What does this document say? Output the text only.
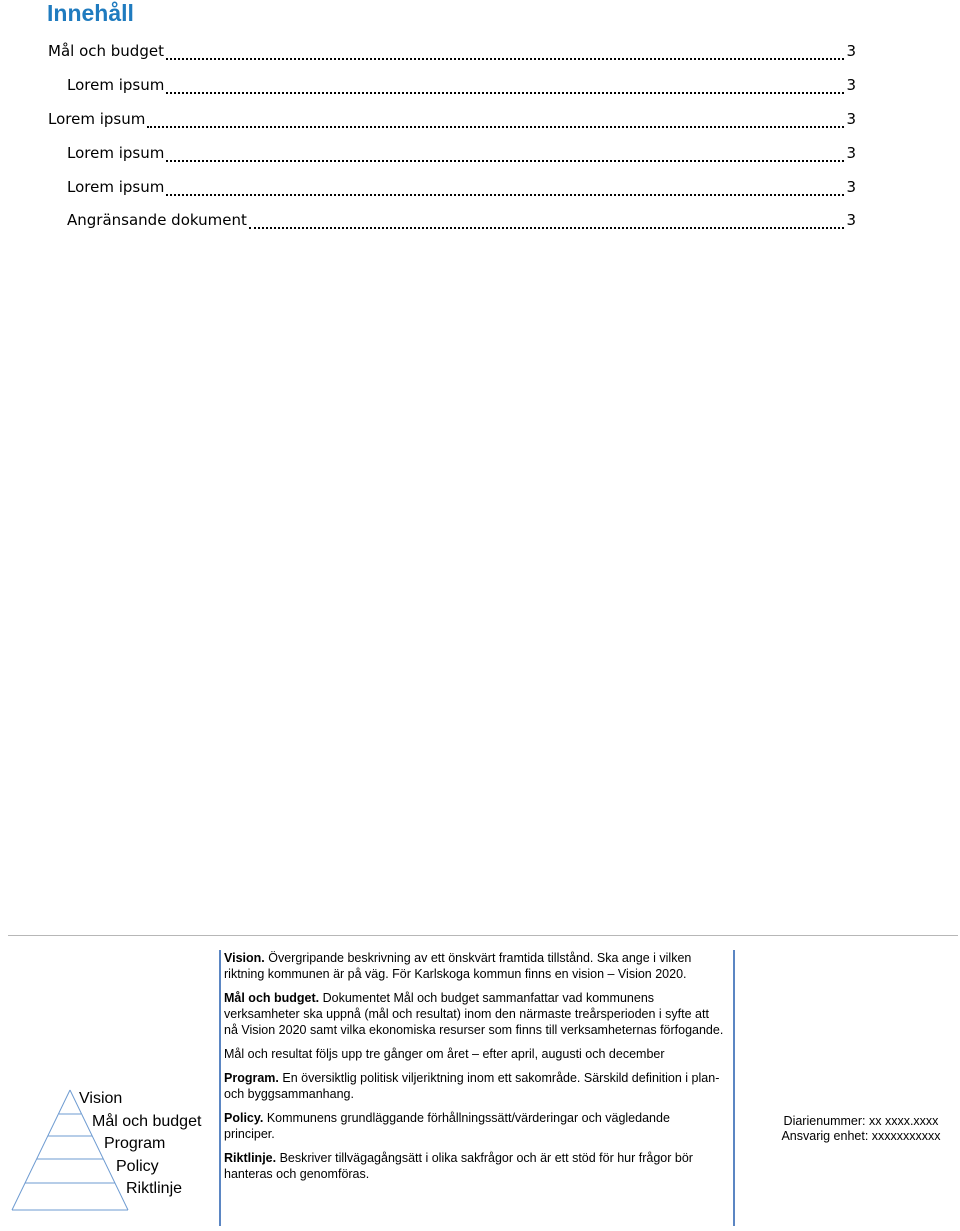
Innehåll
Mål och budget	3
Lorem ipsum	3
Lorem ipsum	3
Lorem ipsum	3
Lorem ipsum	3
Angränsande dokument	3
Vision
Mål och budget
Program
Policy
Riktlinje

Vision. Övergripande beskrivning av ett önskvärt framtida tillstånd. Ska ange i vilken riktning kommunen är på väg. För Karlskoga kommun finns en vision – Vision 2020.

Mål och budget. Dokumentet Mål och budget sammanfattar vad kommunens verksamheter ska uppnå (mål och resultat) inom den närmaste treårsperioden i syfte att nå Vision 2020 samt vilka ekonomiska resurser som finns till verksamheternas förfogande.

Mål och resultat följs upp tre gånger om året – efter april, augusti och december

Program. En översiktlig politisk viljeriktning inom ett sakområde. Särskild definition i plan- och byggsammanhang.

Policy. Kommunens grundläggande förhållningssätt/värderingar och vägledande principer.

Riktlinje. Beskriver tillvägagångsätt i olika sakfrågor och är ett stöd för hur frågor bör hanteras och genomföras.

Diarienummer: xx xxxx.xxxx
Ansvarig enhet: xxxxxxxxxxx
